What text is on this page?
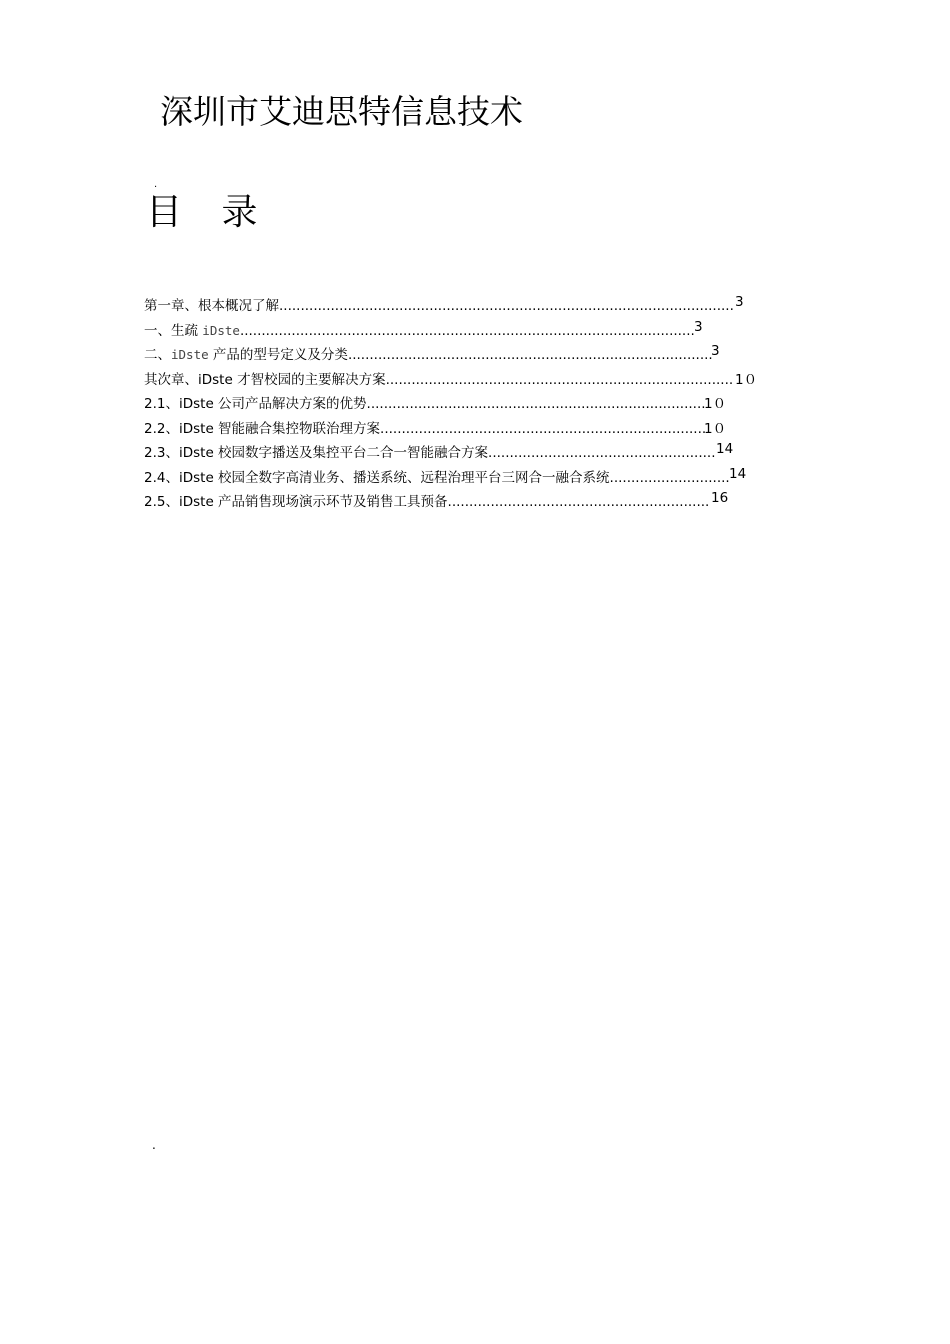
深圳市艾迪思特信息技术
·
目 录
第一章、根本概况了解.......................................................................................................... 3
一、生疏 iDste.......................................................................................................... 3
二、iDste 产品的型号定义及分类.....................................................................................
3
其次章、iDste 才智校园的主要解决方案................................................................................. 1０
2.1、iDste 公司产品解决方案的优势...............................................................................
1０
2.2、iDste 智能融合集控物联治理方案............................................................................
1０
2.3、iDste 校园数字播送及集控平台二合一智能融合方案..................................................... 14
2.4、iDste 校园全数字高清业务、播送系统、远程治理平台三网合一融合系统............................ 14
2.5、iDste 产品销售现场演示环节及销售工具预备............................................................. 16
.
